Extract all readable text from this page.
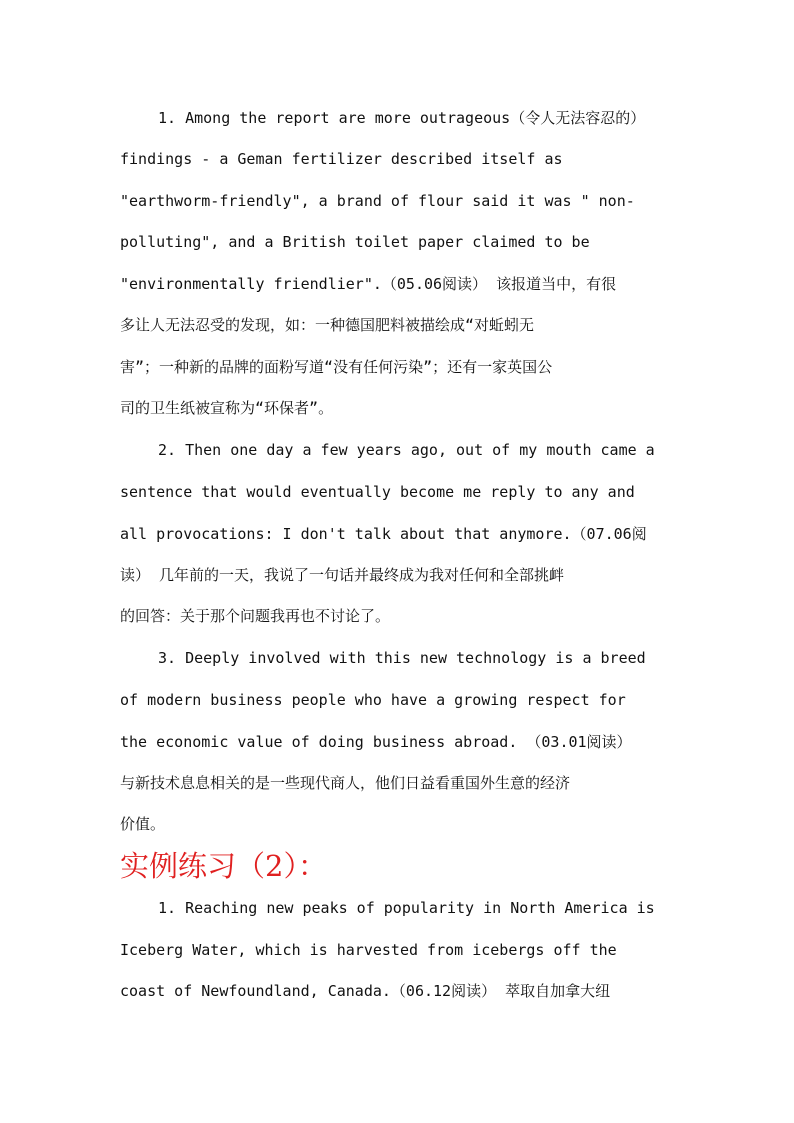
1. Among the report are more outrageous（令人无法容忍的）
findings - a Geman fertilizer described itself as
"earthworm-friendly", a brand of flour said it was " non-
polluting", and a British toilet paper claimed to be
"environmentally friendlier".（05.06阅读） 该报道当中，有很
多让人无法忍受的发现，如：一种德国肥料被描绘成“对蚯蚓无
害”；一种新的品牌的面粉写道“没有任何污染”；还有一家英国公
司的卫生纸被宣称为“环保者”。
2. Then one day a few years ago, out of my mouth came a
sentence that would eventually become me reply to any and
all provocations: I don't talk about that anymore.（07.06阅
读） 几年前的一天，我说了一句话并最终成为我对任何和全部挑衅
的回答：关于那个问题我再也不讨论了。
3. Deeply involved with this new technology is a breed
of modern business people who have a growing respect for
the economic value of doing business abroad. （03.01阅读）
与新技术息息相关的是一些现代商人，他们日益看重国外生意的经济
价值。
实例练习（2）：
1. Reaching new peaks of popularity in North America is
Iceberg Water, which is harvested from icebergs off the
coast of Newfoundland, Canada.（06.12阅读） 萃取自加拿大纽
